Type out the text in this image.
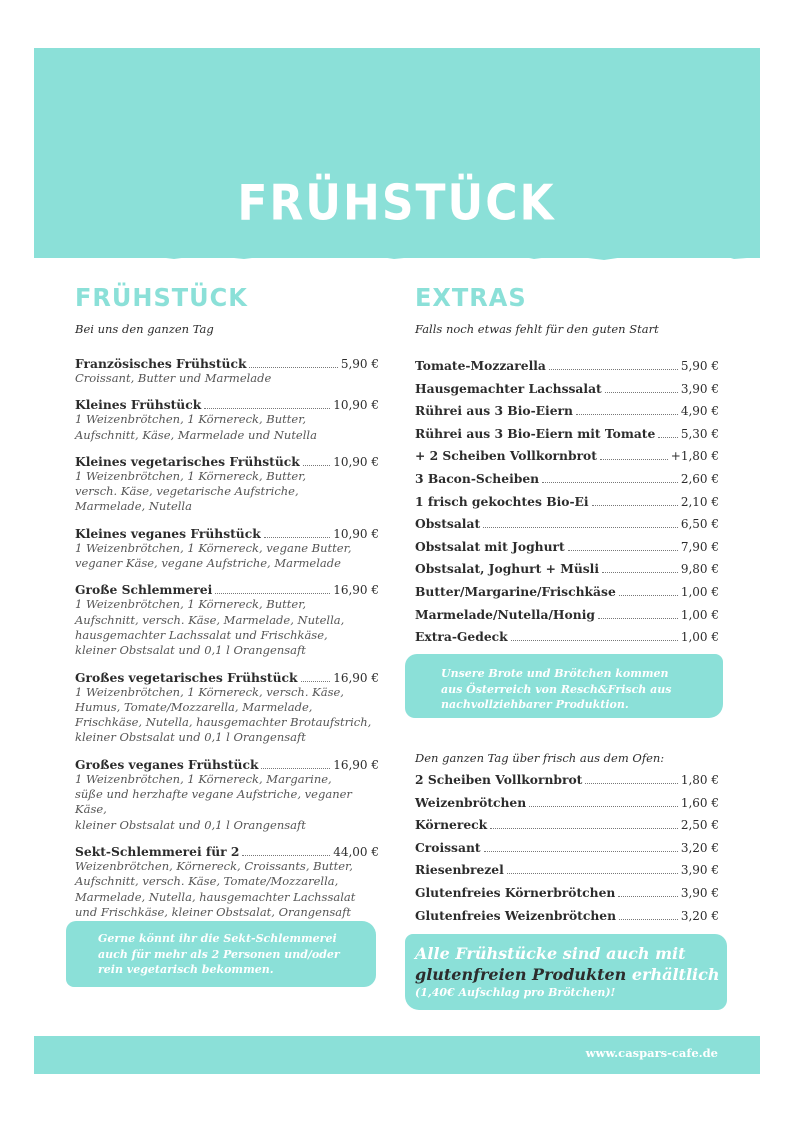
FRÜHSTÜCK
FRÜHSTÜCK
Bei uns den ganzen Tag
Französisches Frühstück	5,90 €
Croissant, Butter und Marmelade
Kleines Frühstück	10,90 €
1 Weizenbrötchen, 1 Körnereck, Butter,
Aufschnitt, Käse, Marmelade und Nutella
Kleines vegetarisches Frühstück	10,90 €
1 Weizenbrötchen, 1 Körnereck, Butter,
versch. Käse, vegetarische Aufstriche,
Marmelade, Nutella
Kleines veganes Frühstück	10,90 €
1 Weizenbrötchen, 1 Körnereck, vegane Butter,
veganer Käse, vegane Aufstriche, Marmelade
Große Schlemmerei	16,90 €
1 Weizenbrötchen, 1 Körnereck, Butter,
Aufschnitt, versch. Käse, Marmelade, Nutella,
hausgemachter Lachssalat und Frischkäse,
kleiner Obstsalat und 0,1 l Orangensaft
Großes vegetarisches Frühstück	16,90 €
1 Weizenbrötchen, 1 Körnereck, versch. Käse,
Humus, Tomate/Mozzarella, Marmelade,
Frischkäse, Nutella, hausgemachter Brotaufstrich,
kleiner Obstsalat und 0,1 l Orangensaft
Großes veganes Frühstück	16,90 €
1 Weizenbrötchen, 1 Körnereck, Margarine,
süße und herzhafte vegane Aufstriche, veganer Käse,
kleiner Obstsalat und 0,1 l Orangensaft
Sekt-Schlemmerei für 2	44,00 €
Weizenbrötchen, Körnereck, Croissants, Butter,
Aufschnitt, versch. Käse, Tomate/Mozzarella,
Marmelade, Nutella, hausgemachter Lachssalat
und Frischkäse, kleiner Obstsalat, Orangensaft

Gerne könnt ihr die Sekt-Schlemmerei
auch für mehr als 2 Personen und/oder
rein vegetarisch bekommen.
EXTRAS
Falls noch etwas fehlt für den guten Start
Tomate-Mozzarella	5,90 €
Hausgemachter Lachssalat	3,90 €
Rührei aus 3 Bio-Eiern	4,90 €
Rührei aus 3 Bio-Eiern mit Tomate 5,30 €
+ 2 Scheiben Vollkornbrot	+1,80 €
3 Bacon-Scheiben	2,60 €
1 frisch gekochtes Bio-Ei	2,10 €
Obstsalat	6,50 €
Obstsalat mit Joghurt	7,90 €
Obstsalat, Joghurt + Müsli	9,80 €
Butter/Margarine/Frischkäse	1,00 €
Marmelade/Nutella/Honig	1,00 €
Extra-Gedeck	1,00 €
Unsere Brote und Brötchen kommen
aus Österreich von Resch&Frisch aus
nachvollziehbarer Produktion.
Den ganzen Tag über frisch aus dem Ofen:
2 Scheiben Vollkornbrot	1,80 €
Weizenbrötchen	1,60 €
Körnereck	2,50 €
Croissant	3,20 €
Riesenbrezel	3,90 €
Glutenfreies Körnerbrötchen	3,90 €
Glutenfreies Weizenbrötchen	3,20 €
Alle Frühstücke sind auch mit
glutenfreien Produkten erhältlich
(1,40€ Aufschlag pro Brötchen)!
www.caspars-cafe.de
